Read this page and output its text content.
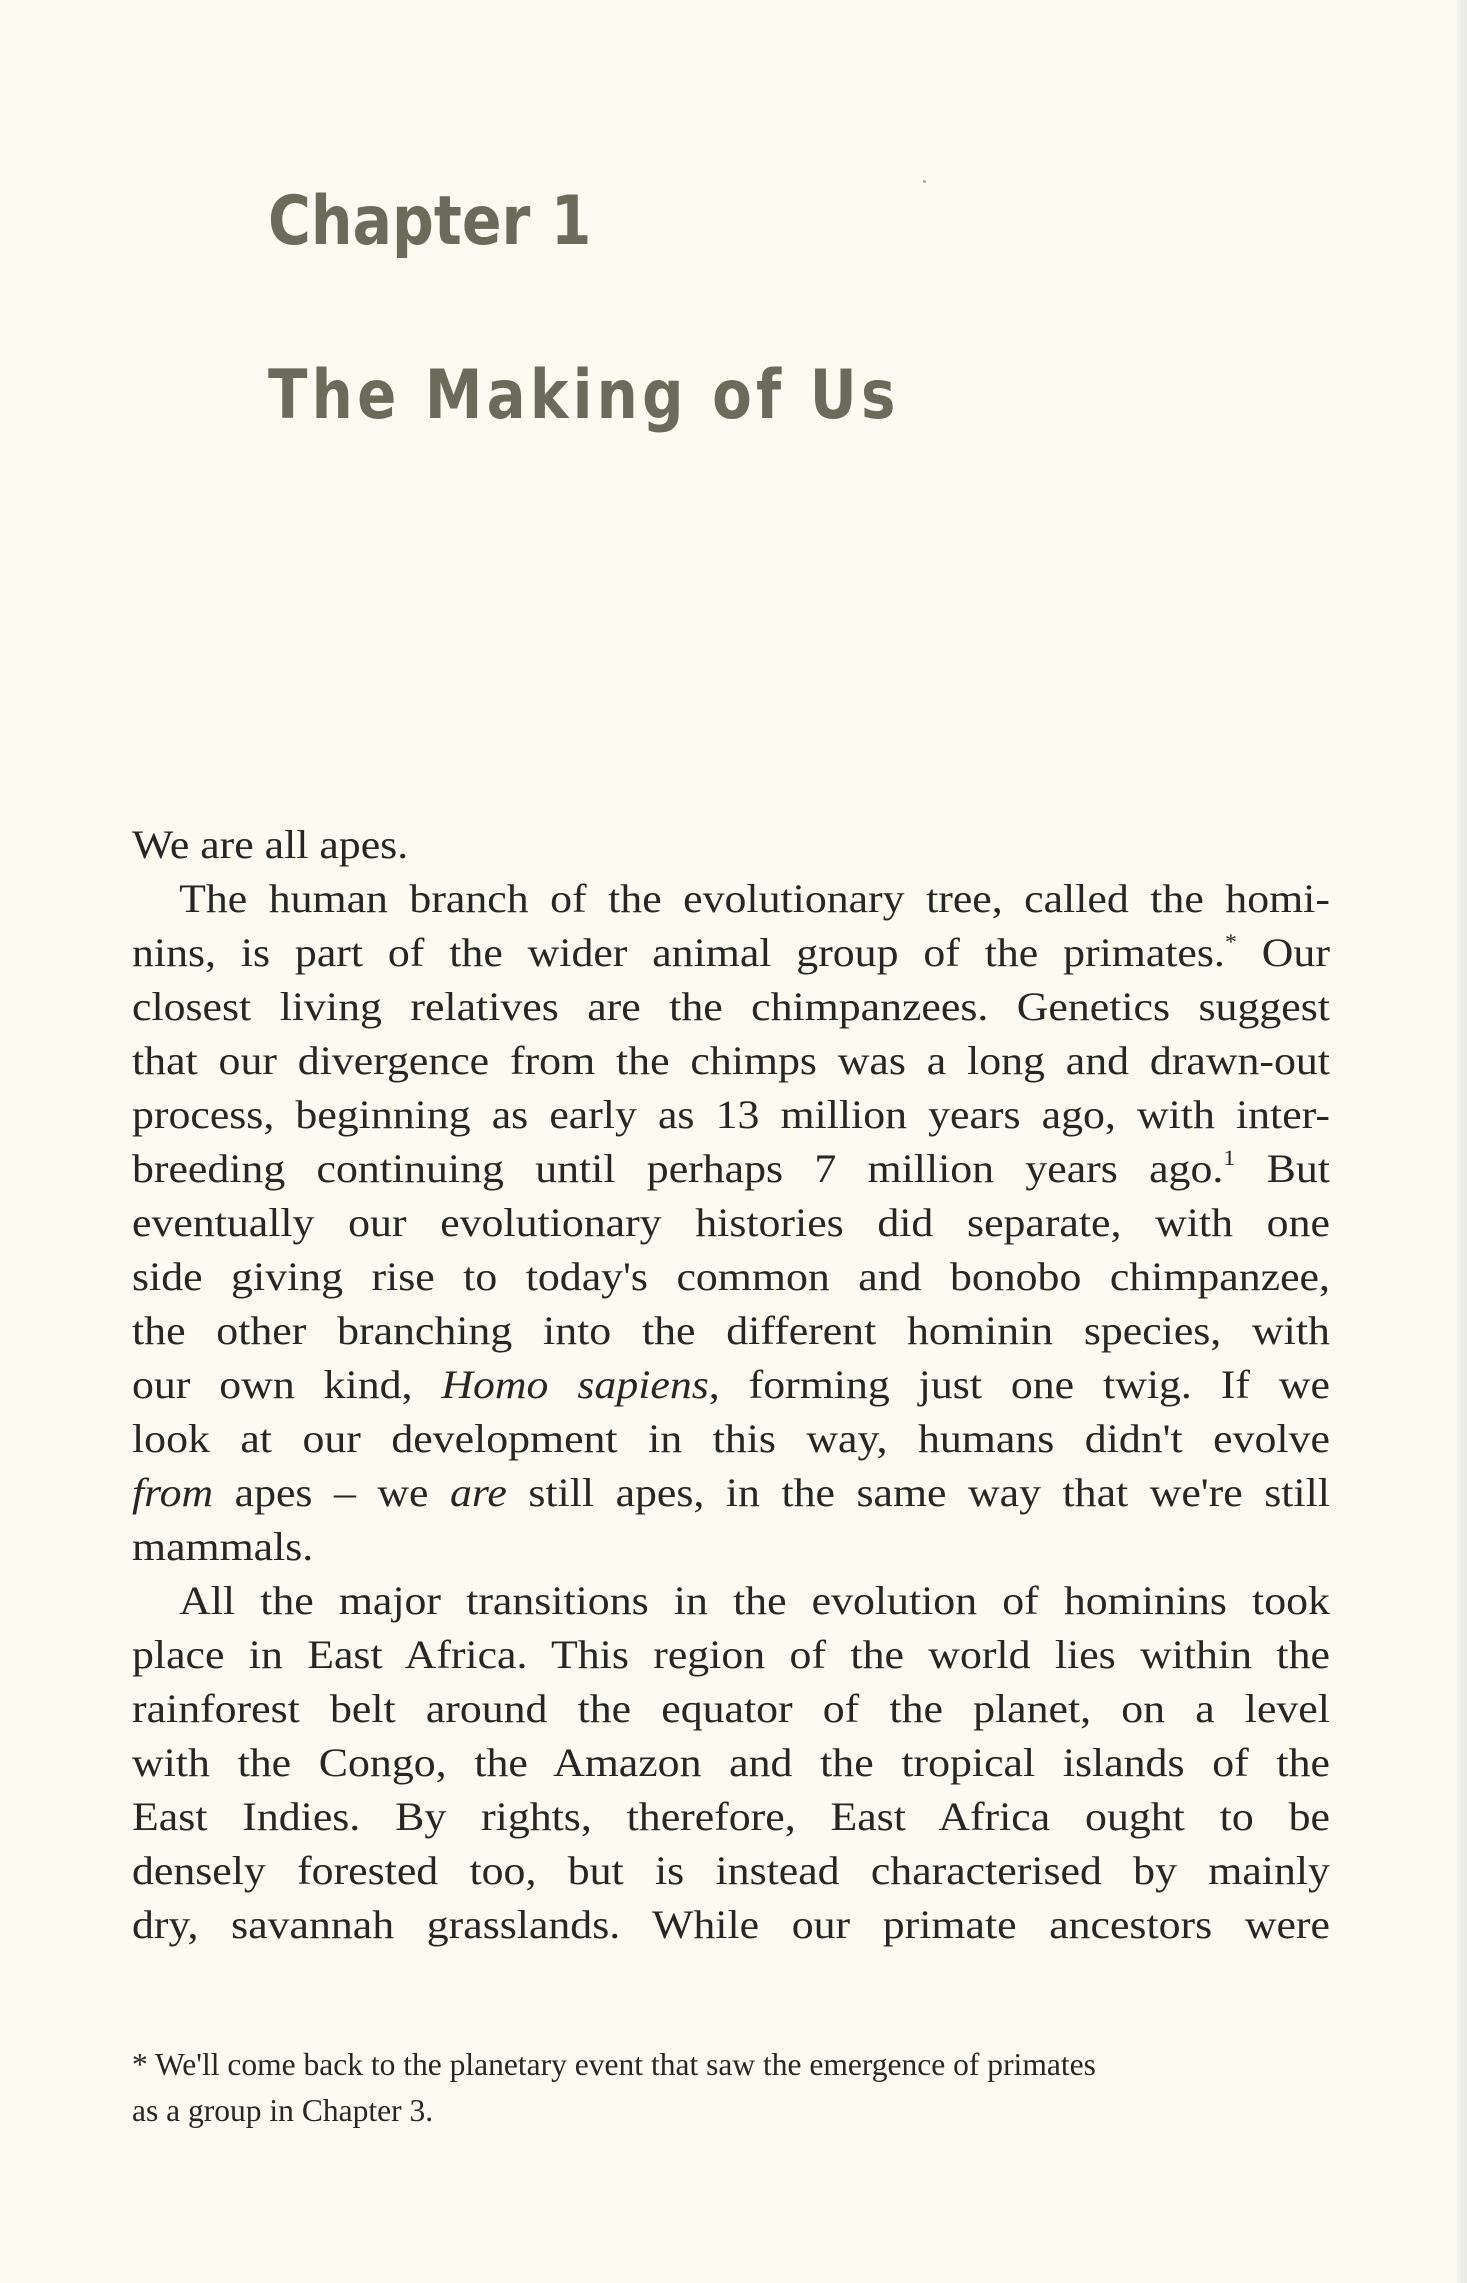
Chapter 1
The Making of Us
We are all apes.
The human branch of the evolutionary tree, called the homi-
nins, is part of the wider animal group of the primates.* Our
closest living relatives are the chimpanzees. Genetics suggest
that our divergence from the chimps was a long and drawn-out
process, beginning as early as 13 million years ago, with inter-
breeding continuing until perhaps 7 million years ago.$^1$ But
eventually our evolutionary histories did separate, with one
side giving rise to today's common and bonobo chimpanzee,
the other branching into the different hominin species, with
our own kind, Homo sapiens, forming just one twig. If we
look at our development in this way, humans didn't evolve
from apes – we are still apes, in the same way that we're still
mammals.
All the major transitions in the evolution of hominins took
place in East Africa. This region of the world lies within the
rainforest belt around the equator of the planet, on a level
with the Congo, the Amazon and the tropical islands of the
East Indies. By rights, therefore, East Africa ought to be
densely forested too, but is instead characterised by mainly
dry, savannah grasslands. While our primate ancestors were
* We'll come back to the planetary event that saw the emergence of primates
as a group in Chapter 3.
